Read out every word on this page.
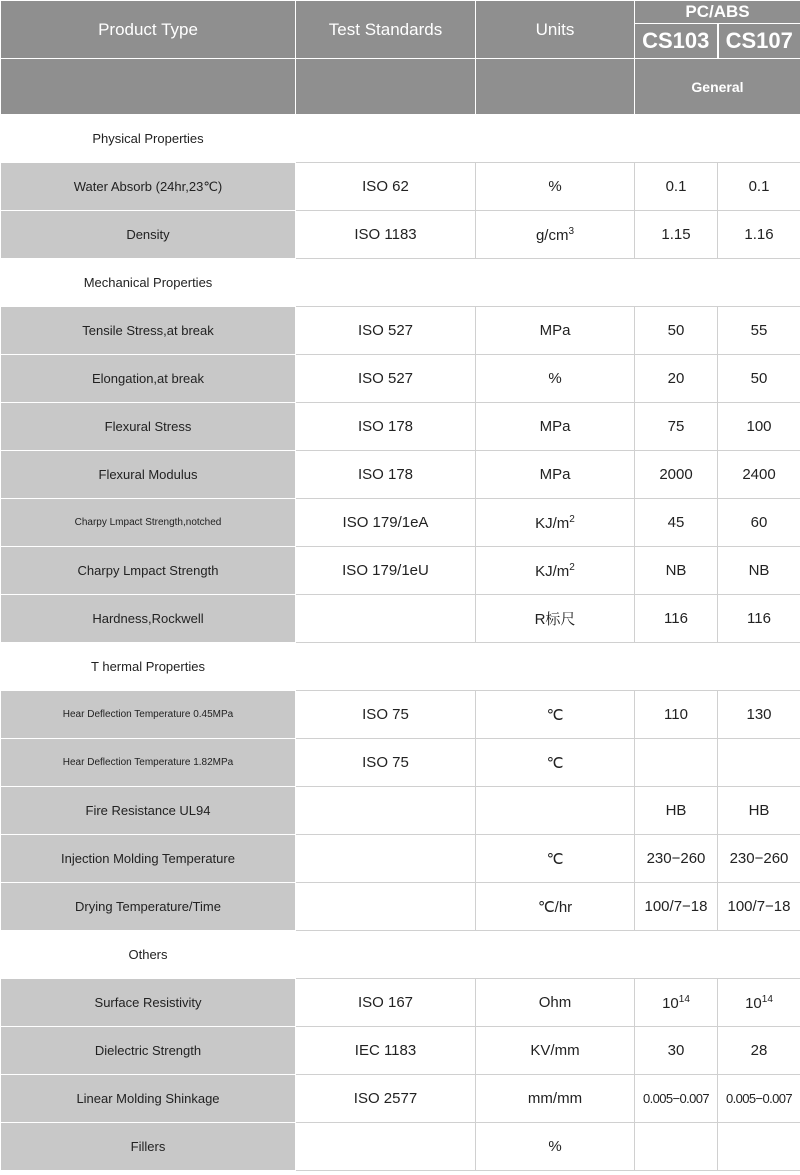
Product Type	Test Standards	Units	PC/ABS
CS103 CS107	

			General	
Physical Properties				
Water Absorb (24hr,23℃)	ISO 62	%	0.1	0.1
Density	ISO 1183	$g/cm^3$	1.15	1.16
Mechanical Properties				
Tensile Stress,at break	ISO 527	MPa	50	55
Elongation,at break	ISO 527	%	20	50
Flexural Stress	ISO 178	MPa	75	100
Flexural Modulus	ISO 178	MPa	2000	2400
Charpy Lmpact Strength,notched	ISO 179/1eA	$KJ/m^2$	45	60
Charpy Lmpact Strength	ISO 179/1eU	$KJ/m^2$	NB	NB
Hardness,Rockwell		R标尺	116	116
T hermal Properties				
Hear Deflection Temperature 0.45MPa	ISO 75	℃	110	130
Hear Deflection Temperature 1.82MPa	ISO 75	℃		
Fire Resistance UL94			HB	HB
Injection Molding Temperature		℃	230−260	230−260
Drying Temperature/Time		℃/hr	100/7−18	100/7−18
Others				
Surface Resistivity	ISO 167	Ohm	$10^{14}$	$10^{14}$
Dielectric Strength	IEC 1183	KV/mm	30	28
Linear Molding Shinkage	ISO 2577	mm/mm	0.005−0.007	0.005−0.007
Fillers		%		
